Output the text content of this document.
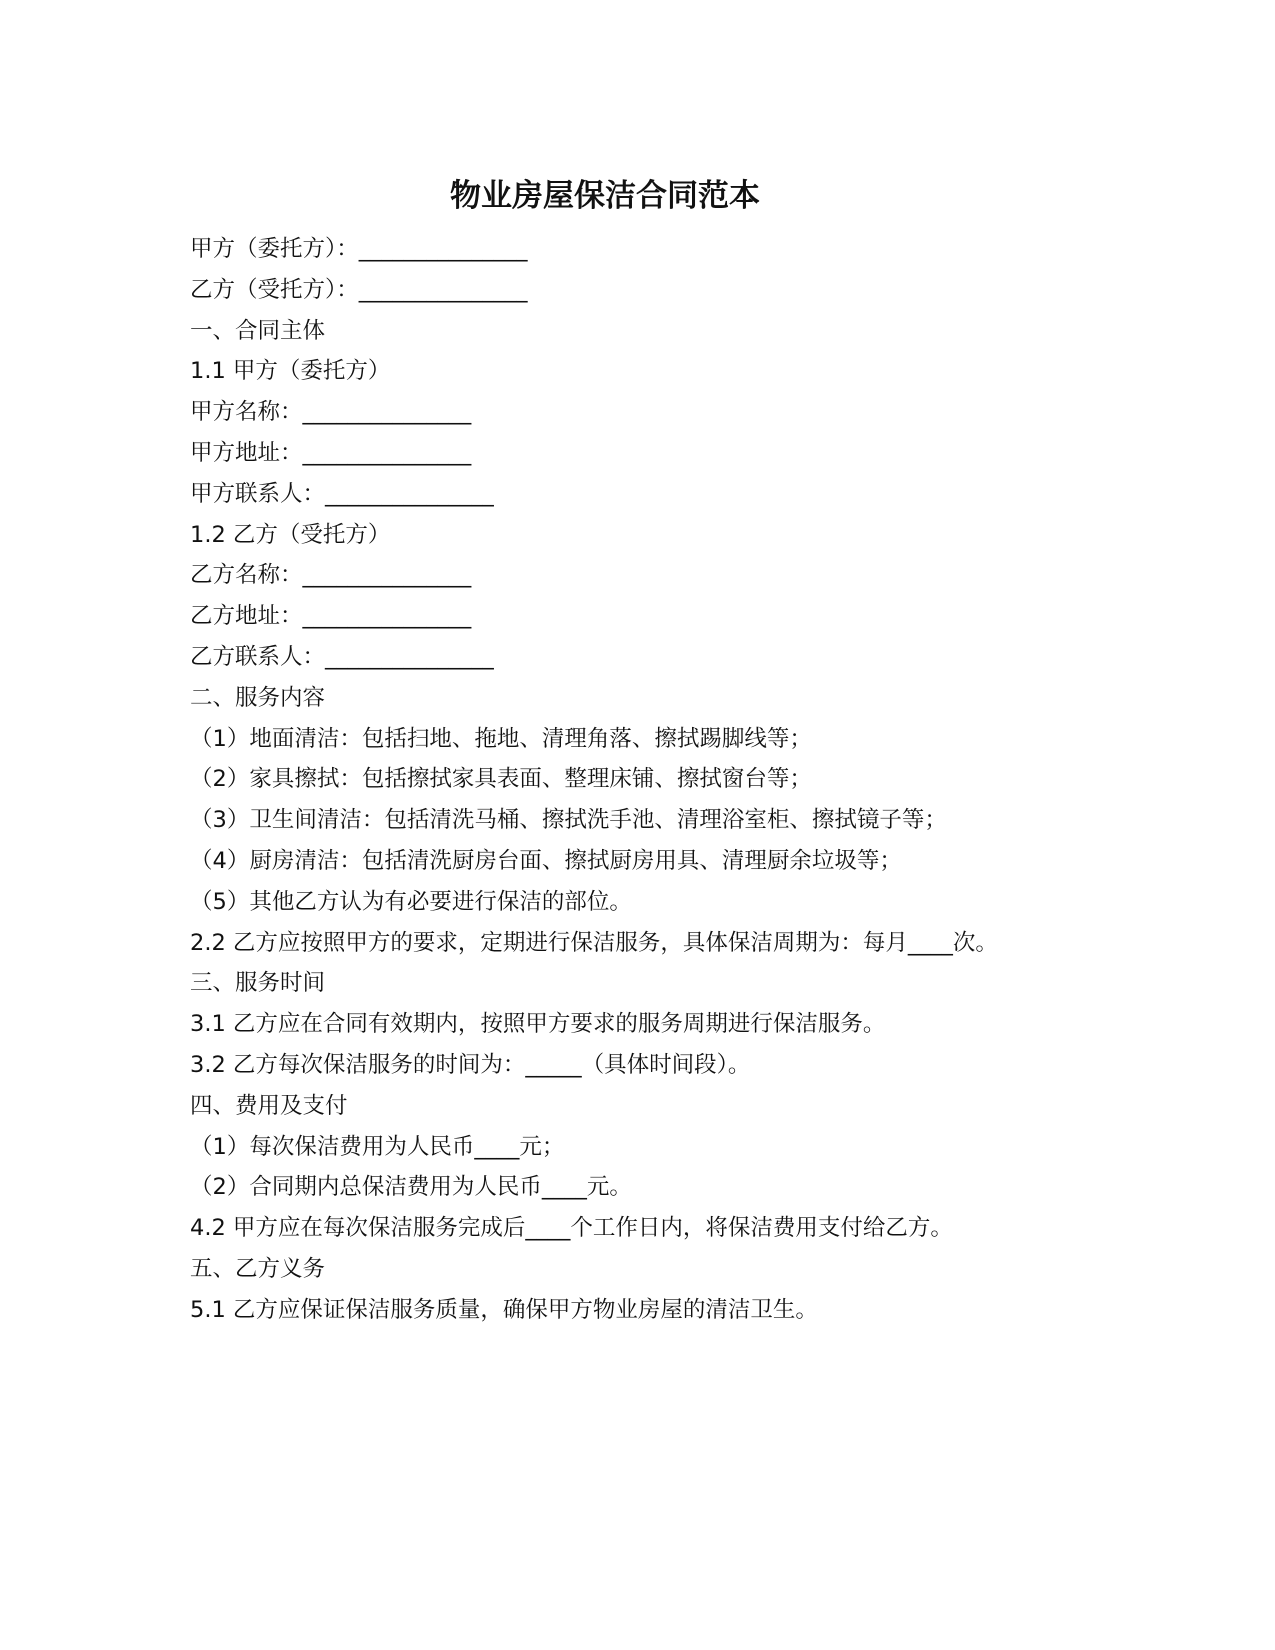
物业房屋保洁合同范本
甲方（委托方）：_______________
乙方（受托方）：_______________
一、合同主体
1.1 甲方（委托方）
甲方名称：_______________
甲方地址：_______________
甲方联系人：_______________
1.2 乙方（受托方）
乙方名称：_______________
乙方地址：_______________
乙方联系人：_______________
二、服务内容
（1）地面清洁：包括扫地、拖地、清理角落、擦拭踢脚线等；
（2）家具擦拭：包括擦拭家具表面、整理床铺、擦拭窗台等；
（3）卫生间清洁：包括清洗马桶、擦拭洗手池、清理浴室柜、擦拭镜子等；
（4）厨房清洁：包括清洗厨房台面、擦拭厨房用具、清理厨余垃圾等；
（5）其他乙方认为有必要进行保洁的部位。
2.2 乙方应按照甲方的要求，定期进行保洁服务，具体保洁周期为：每月____次。
三、服务时间
3.1 乙方应在合同有效期内，按照甲方要求的服务周期进行保洁服务。
3.2 乙方每次保洁服务的时间为：_____（具体时间段）。
四、费用及支付
（1）每次保洁费用为人民币____元；
（2）合同期内总保洁费用为人民币____元。
4.2 甲方应在每次保洁服务完成后____个工作日内，将保洁费用支付给乙方。
五、乙方义务
5.1 乙方应保证保洁服务质量，确保甲方物业房屋的清洁卫生。
